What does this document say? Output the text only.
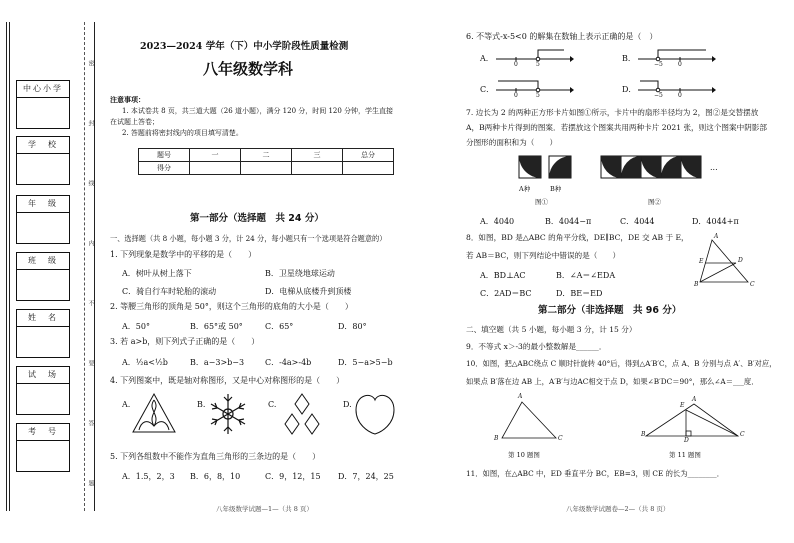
中心小学
学　校
年　级
班　级
姓　名
试　场
考　号
密
封
线
内
不
要
答
题
2023—2024 学年（下）中小学阶段性质量检测
八年级数学科
注意事项：
1. 本试卷共 8 页，共三道大题（26 道小题），满分 120 分，时间 120 分钟，学生直接
在试题上答卷；
2. 答题前将密封线内的项目填写清楚。
题号	一	二	三	总分
得分				
第一部分（选择题　共 24 分）
一、选择题（共 8 小题，每小题 3 分，计 24 分，每小题只有一个选项是符合题意的）
1. 下列现象是数学中的平移的是（　　）
A．树叶从树上落下	B．卫星绕地球运动
C．骑自行车时轮胎的滚动	D．电梯从底楼升到顶楼
2. 等腰三角形的顶角是 50°，则这个三角形的底角的大小是（　　）
A．50°	B．65°或 50°	C．65°	D．80°
3. 若 a>b，则下列式子正确的是（　　）
A．½a<½b	B．a−3>b−3	C．-4a>-4b	D．5−a>5−b
4. 下列图案中，既是轴对称图形，又是中心对称图形的是（　　）
A.	B.	C.	D.
5. 下列各组数中不能作为直角三角形的三条边的是（　　）
A．1.5，2，3 B．6，8，10	C．9，12，15 D．7，24，25
八年级数学试题—1—（共 8 页）
6. 不等式-x-5<0 的解集在数轴上表示正确的是（　）
A．
0	5
B．
−5	0
C．
0	5
D．
−5	0
7. 边长为 2 的两种正方形卡片如图①所示，卡片中的扇形半径均为 2，图②是交替摆放
A，B两种卡片得到的图案．若摆放这个图案共用两种卡片 2021 张，则这个图案中阴影部
分图形的面积和为（　　）
A种	B种
图①
...
图②
A．4040	B．4044−π	C．4044	D．4044+π
8．如图，BD 是△ABC 的角平分线，DE∥BC，DE 交 AB 于 E，
若 AB＝BC，则下列结论中错误的是（　　）
A．BD⊥AC	B．∠A＝∠EDA
C．2AD＝BC	D．BE＝ED
A
E	D
B	C
第二部分（非选择题　共 96 分）
二、填空题（共 5 小题，每小题 3 分，计 15 分）
9．不等式 x＞-3的最小整数解是______．
10．如图，把△ABC绕点 C 顺时针旋转 40°后，得到△A′B′C，点 A、B 分别与点 A′、B′对应，
如果点 B′落在边 AB 上，A′B′与边AC相交于点 D，如果∠B′DC＝90°，那么∠A＝___度．
A
B	C
第 10 题图
A
E
B	C
D
第 11 题图
11．如图，在△ABC 中，ED 垂直平分 BC，EB=3，则 CE 的长为________．
八年级数学试题卷—2—（共 8 页）
